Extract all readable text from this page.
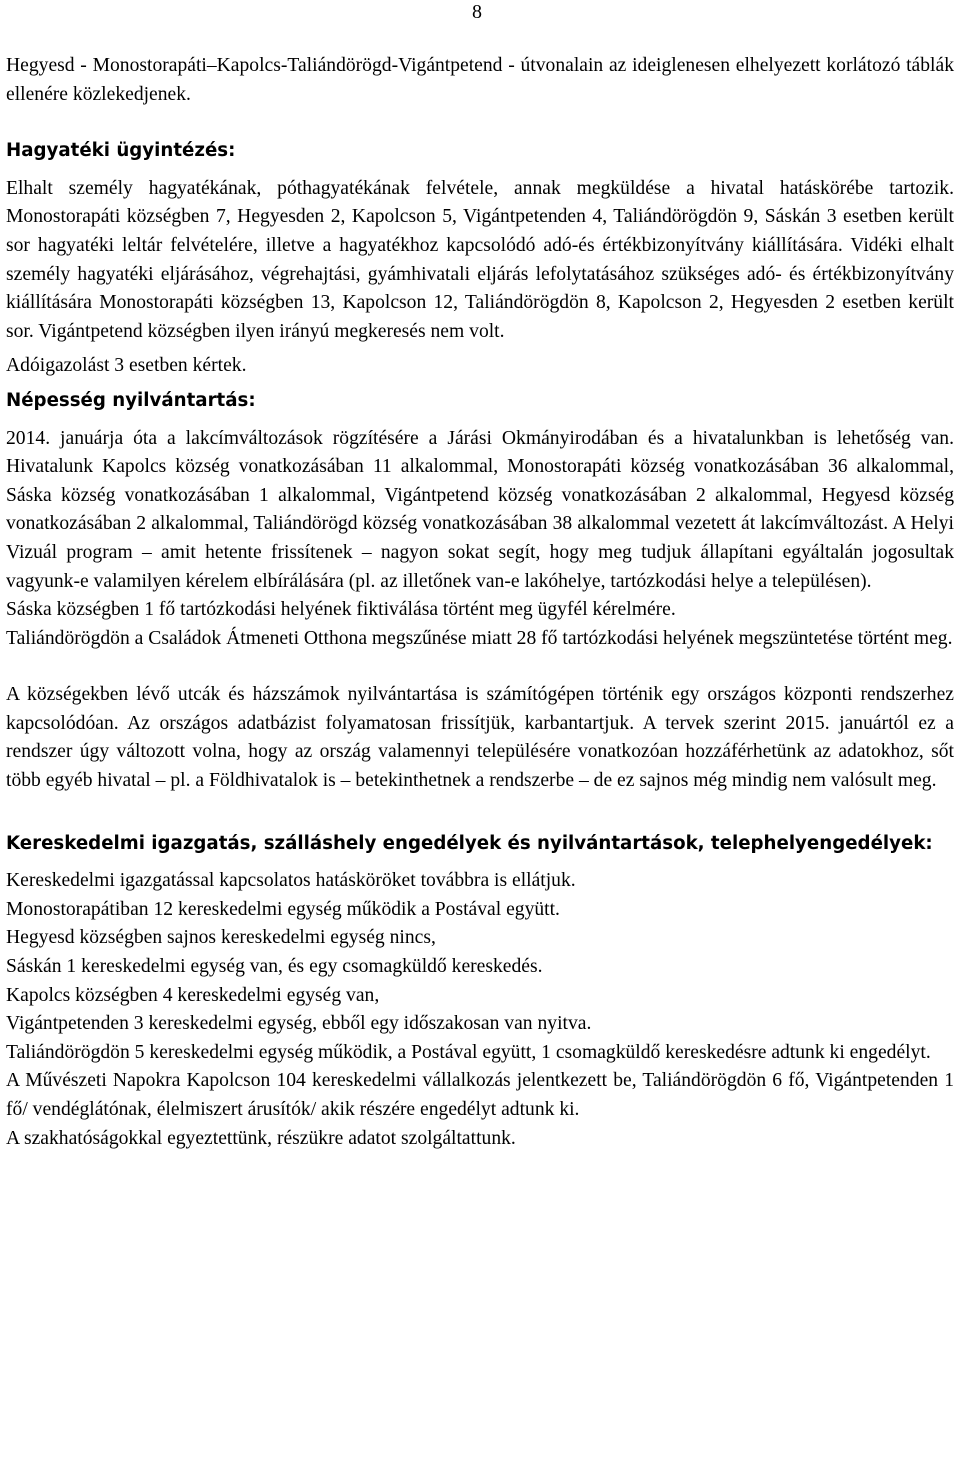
8

Hegyesd - Monostorapáti–Kapolcs-Taliándörögd-Vigántpetend - útvonalain az ideiglenesen elhelyezett korlátozó táblák ellenére közlekedjenek.

Hagyatéki ügyintézés:

Elhalt személy hagyatékának, póthagyatékának felvétele, annak megküldése a hivatal hatáskörébe tartozik. Monostorapáti községben 7, Hegyesden 2, Kapolcson 5, Vigántpetenden 4, Taliándörögdön 9, Sáskán 3 esetben került sor hagyatéki leltár felvételére, illetve a hagyatékhoz kapcsolódó adó-és értékbizonyítvány kiállítására. Vidéki elhalt személy hagyatéki eljárásához, végrehajtási, gyámhivatali eljárás lefolytatásához szükséges adó- és értékbizonyítvány kiállítására Monostorapáti községben 13, Kapolcson 12, Taliándörögdön 8, Kapolcson 2, Hegyesden 2 esetben került sor. Vigántpetend községben ilyen irányú megkeresés nem volt.

Adóigazolást 3 esetben kértek.

Népesség nyilvántartás:

2014. januárja óta a lakcímváltozások rögzítésére a Járási Okmányirodában és a hivatalunkban is lehetőség van. Hivatalunk Kapolcs község vonatkozásában 11 alkalommal, Monostorapáti község vonatkozásában 36 alkalommal, Sáska község vonatkozásában 1 alkalommal, Vigántpetend község vonatkozásában 2 alkalommal, Hegyesd község vonatkozásában 2 alkalommal, Taliándörögd község vonatkozásában 38 alkalommal vezetett át lakcímváltozást. A Helyi Vizuál program – amit hetente frissítenek – nagyon sokat segít, hogy meg tudjuk állapítani egyáltalán jogosultak vagyunk-e valamilyen kérelem elbírálására (pl. az illetőnek van-e lakóhelye, tartózkodási helye a településen).

Sáska községben 1 fő tartózkodási helyének fiktiválása történt meg ügyfél kérelmére.

Taliándörögdön a Családok Átmeneti Otthona megszűnése miatt 28 fő tartózkodási helyének megszüntetése történt meg.

A községekben lévő utcák és házszámok nyilvántartása is számítógépen történik egy országos központi rendszerhez kapcsolódóan. Az országos adatbázist folyamatosan frissítjük, karbantartjuk. A tervek szerint 2015. januártól ez a rendszer úgy változott volna, hogy az ország valamennyi településére vonatkozóan hozzáférhetünk az adatokhoz, sőt több egyéb hivatal – pl. a Földhivatalok is – betekinthetnek a rendszerbe – de ez sajnos még mindig nem valósult meg.

Kereskedelmi igazgatás, szálláshely engedélyek és nyilvántartások, telephelyengedélyek:

Kereskedelmi igazgatással kapcsolatos hatásköröket továbbra is ellátjuk.

Monostorapátiban 12 kereskedelmi egység működik a Postával együtt.

Hegyesd községben sajnos kereskedelmi egység nincs,

Sáskán 1 kereskedelmi egység van, és egy csomagküldő kereskedés.

Kapolcs községben 4 kereskedelmi egység van,

Vigántpetenden 3 kereskedelmi egység, ebből egy időszakosan van nyitva.

Taliándörögdön 5 kereskedelmi egység működik, a Postával együtt, 1 csomagküldő kereskedésre adtunk ki engedélyt.

A Művészeti Napokra Kapolcson 104 kereskedelmi vállalkozás jelentkezett be, Taliándörögdön 6 fő, Vigántpetenden 1 fő/ vendéglátónak, élelmiszert árusítók/ akik részére engedélyt adtunk ki.

A szakhatóságokkal egyeztettünk, részükre adatot szolgáltattunk.
